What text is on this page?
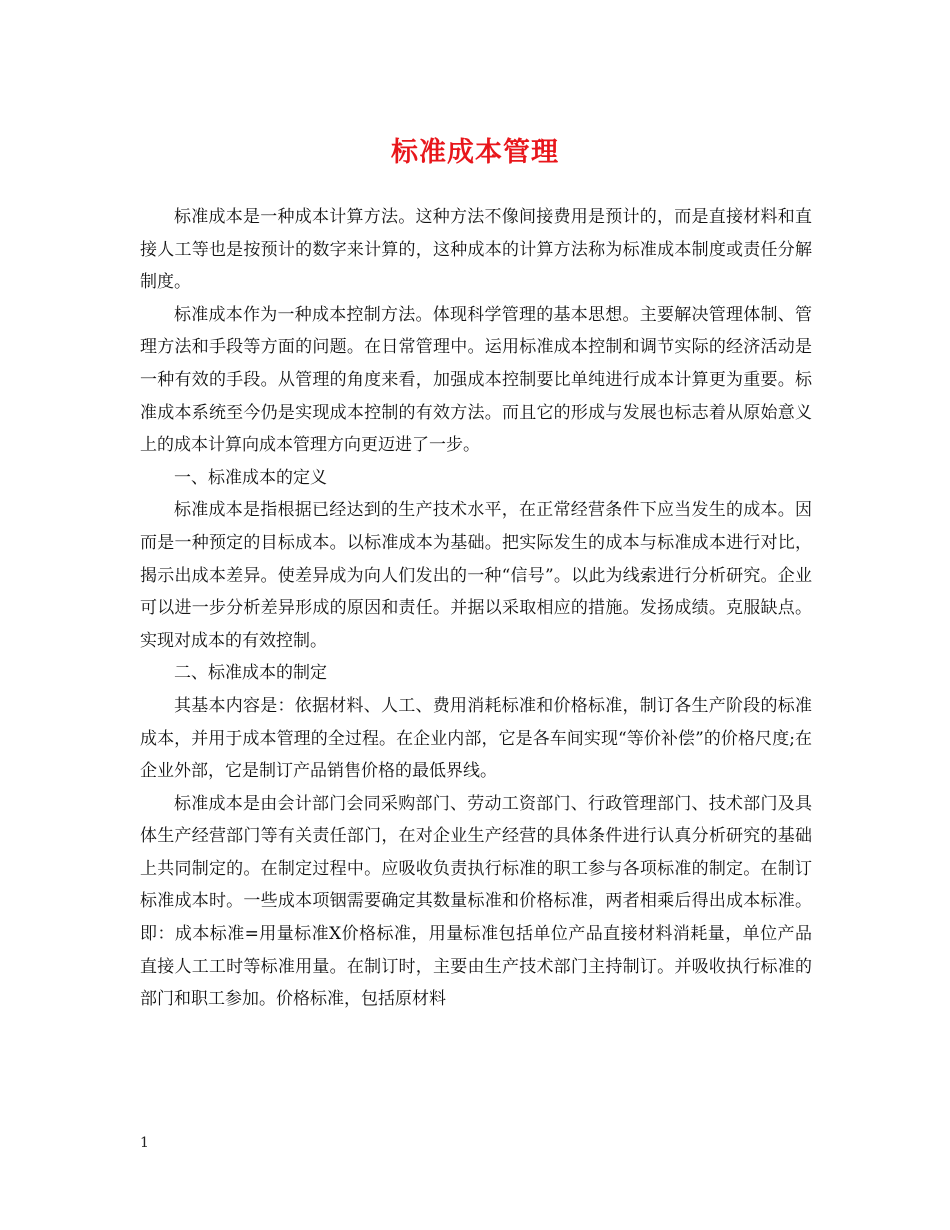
标准成本管理

标准成本是一种成本计算方法。这种方法不像间接费用是预计的，而是直接材料和直接人工等也是按预计的数字来计算的，这种成本的计算方法称为标准成本制度或责任分解制度。

标准成本作为一种成本控制方法。体现科学管理的基本思想。主要解决管理体制、管理方法和手段等方面的问题。在日常管理中。运用标准成本控制和调节实际的经济活动是一种有效的手段。从管理的角度来看，加强成本控制要比单纯进行成本计算更为重要。标准成本系统至今仍是实现成本控制的有效方法。而且它的形成与发展也标志着从原始意义上的成本计算向成本管理方向更迈进了一步。

一、标准成本的定义

标准成本是指根据已经达到的生产技术水平，在正常经营条件下应当发生的成本。因而是一种预定的目标成本。以标准成本为基础。把实际发生的成本与标准成本进行对比，揭示出成本差异。使差异成为向人们发出的一种“信号”。以此为线索进行分析研究。企业可以进一步分析差异形成的原因和责任。并据以采取相应的措施。发扬成绩。克服缺点。实现对成本的有效控制。

二、标准成本的制定

其基本内容是：依据材料、人工、费用消耗标准和价格标准，制订各生产阶段的标准成本，并用于成本管理的全过程。在企业内部，它是各车间实现“等价补偿”的价格尺度;在企业外部，它是制订产品销售价格的最低界线。

标准成本是由会计部门会同采购部门、劳动工资部门、行政管理部门、技术部门及具体生产经营部门等有关责任部门，在对企业生产经营的具体条件进行认真分析研究的基础上共同制定的。在制定过程中。应吸收负责执行标准的职工参与各项标准的制定。在制订标准成本时。一些成本项铟需要确定其数量标准和价格标准，两者相乘后得出成本标准。即：成本标准=用量标准X价格标准，用量标准包括单位产品直接材料消耗量，单位产品直接人工工时等标准用量。在制订时，主要由生产技术部门主持制订。并吸收执行标准的部门和职工参加。价格标准，包括原材料

1
